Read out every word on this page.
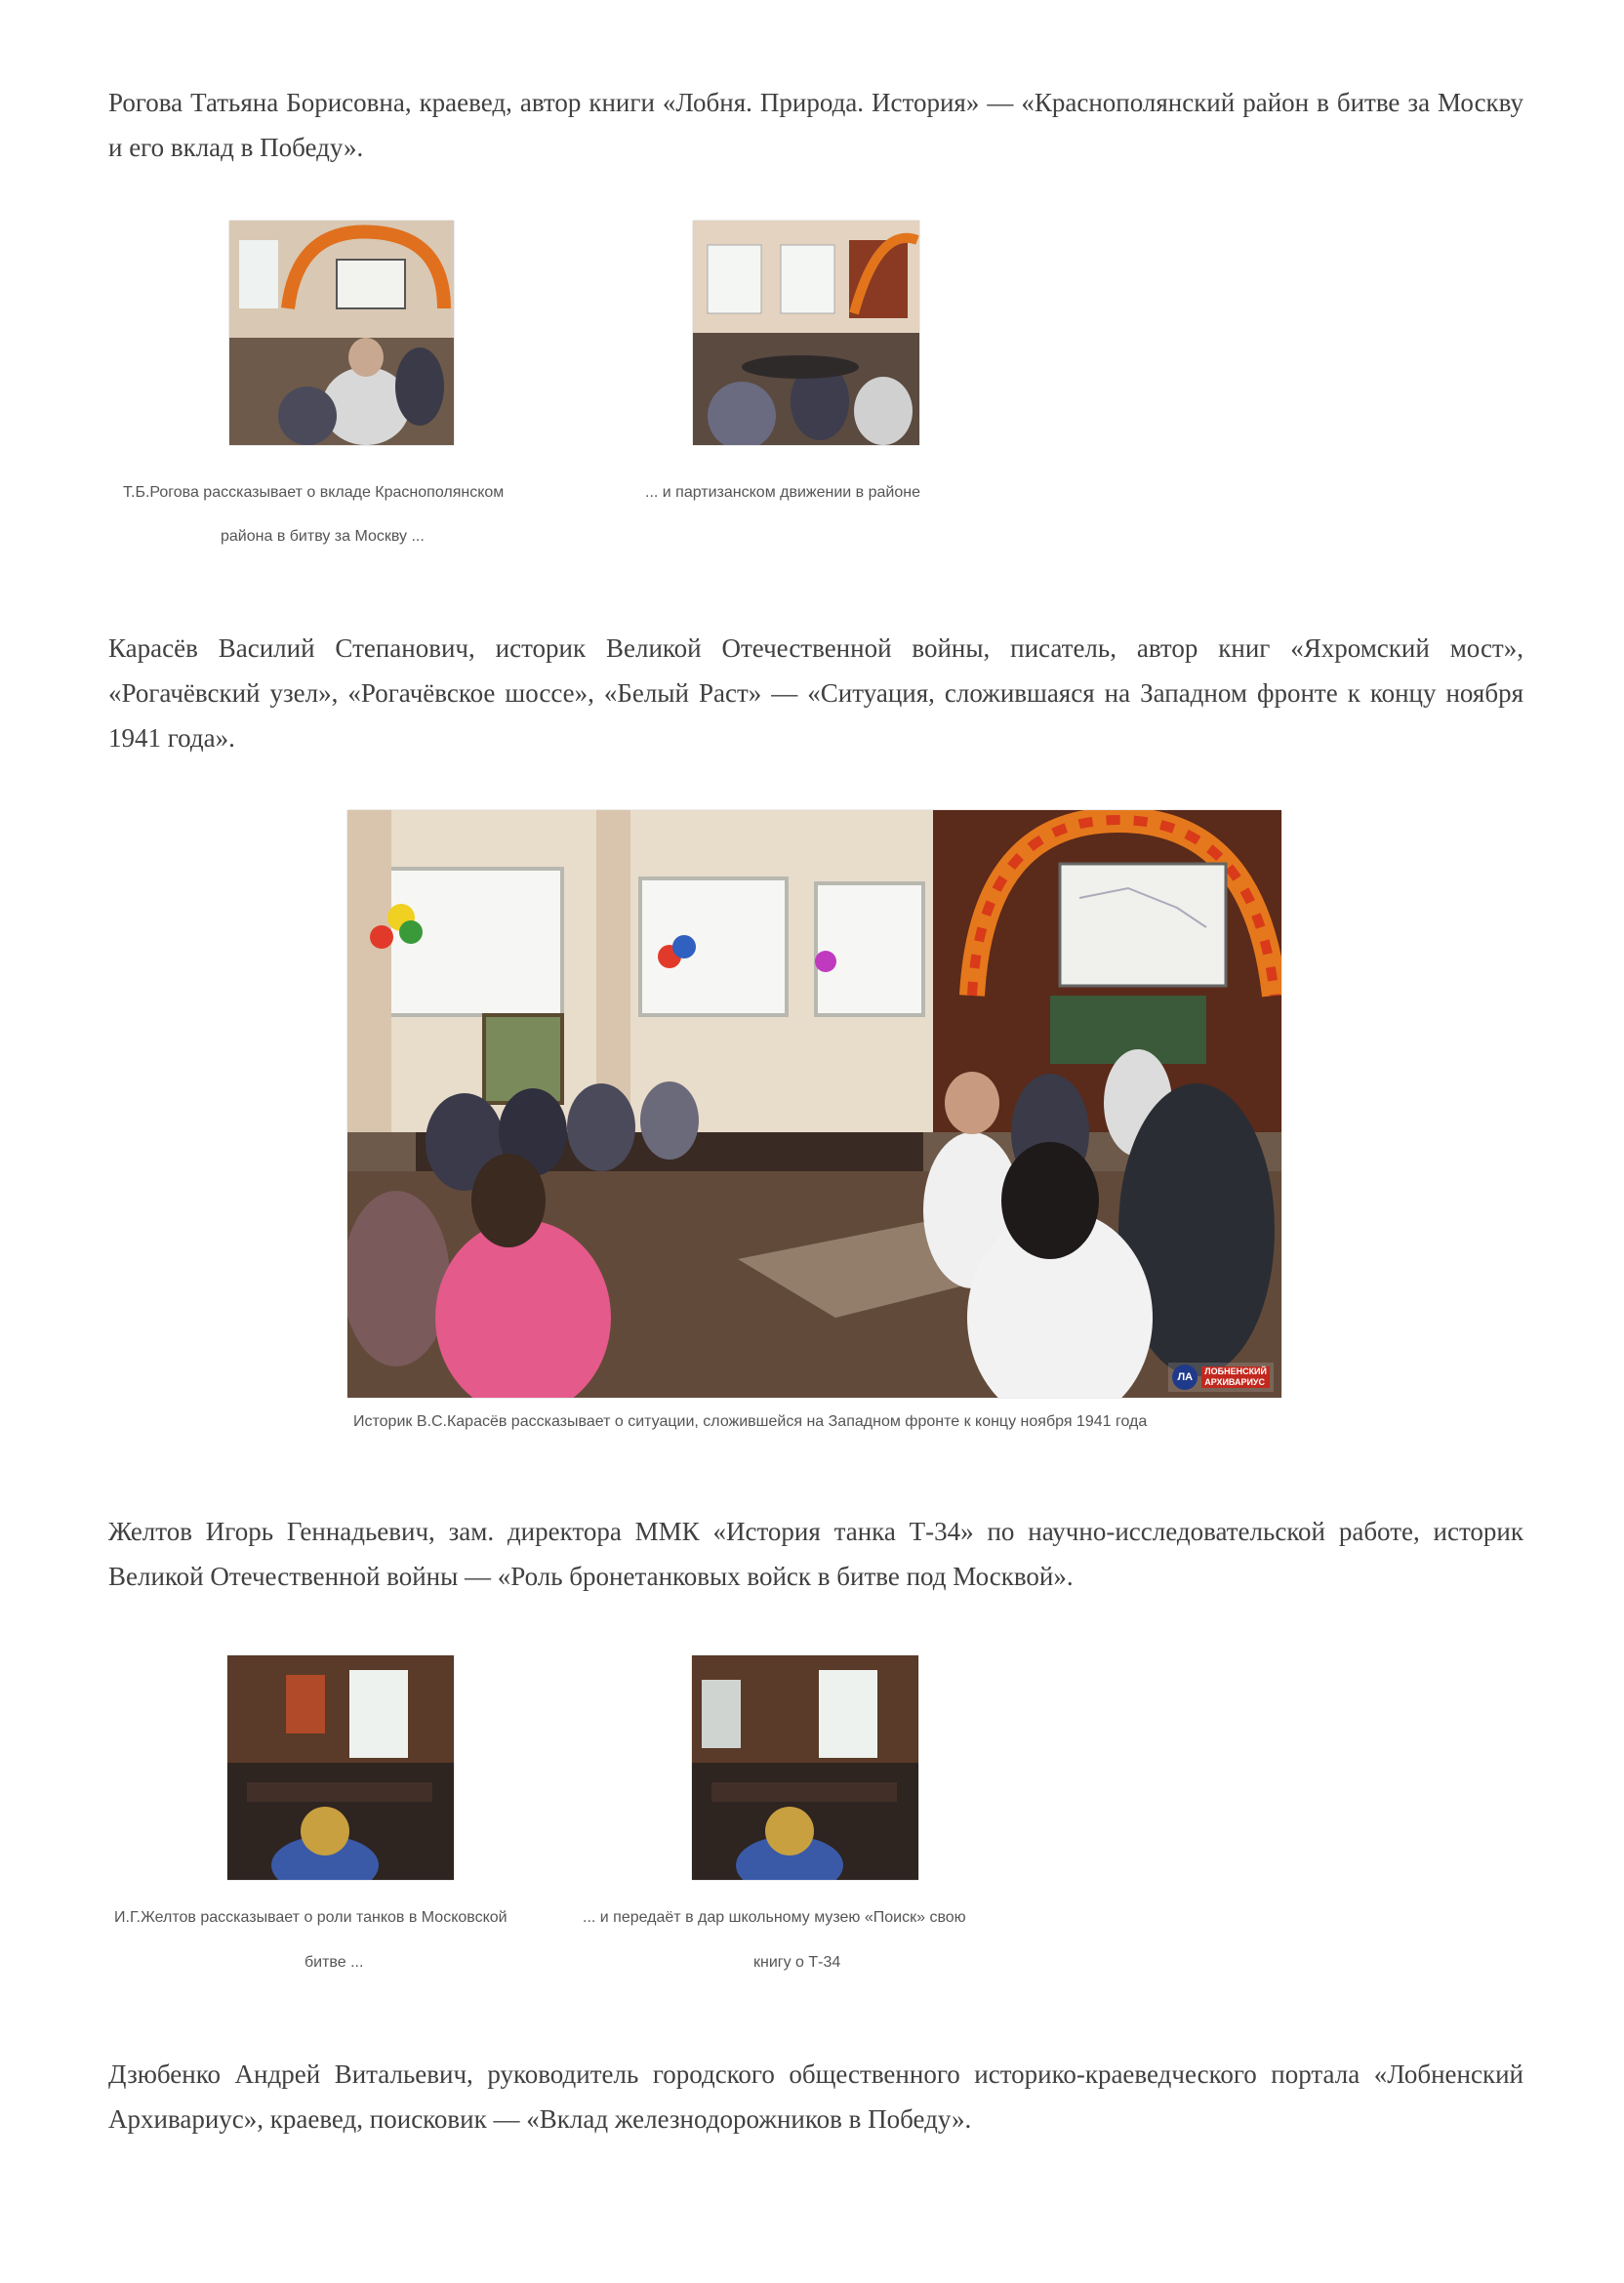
Рогова Татьяна Борисовна, краевед, автор книги «Лобня. Природа. История» — «Краснополянский район в битве за Москву и его вклад в Победу».
Т.Б.Рогова рассказывает о вкладе Краснополянском
района в битву за Москву ...
... и партизанском движении в районе
Карасёв Василий Степанович, историк Великой Отечественной войны, писатель, автор книг «Яхромский мост», «Рогачёвский узел», «Рогачёвское шоссе», «Белый Раст» — «Ситуация, сложившаяся на Западном фронте к концу ноября 1941 года».
ЛА	ЛОБНЕНСКИЙ
АРХИВАРИУС
Историк В.С.Карасёв рассказывает о ситуации, сложившейся на Западном фронте к концу ноября 1941 года
Желтов Игорь Геннадьевич, зам. директора ММК «История танка Т-34» по научно-исследовательской работе, историк Великой Отечественной войны — «Роль бронетанковых войск в битве под Москвой».
И.Г.Желтов рассказывает о роли танков в Московской
битве ...
... и передаёт в дар школьному музею «Поиск» свою
книгу о Т-34
Дзюбенко Андрей Витальевич, руководитель городского общественного историко-краеведческого портала «Лобненский Архивариус», краевед, поисковик — «Вклад железнодорожников в Победу».
